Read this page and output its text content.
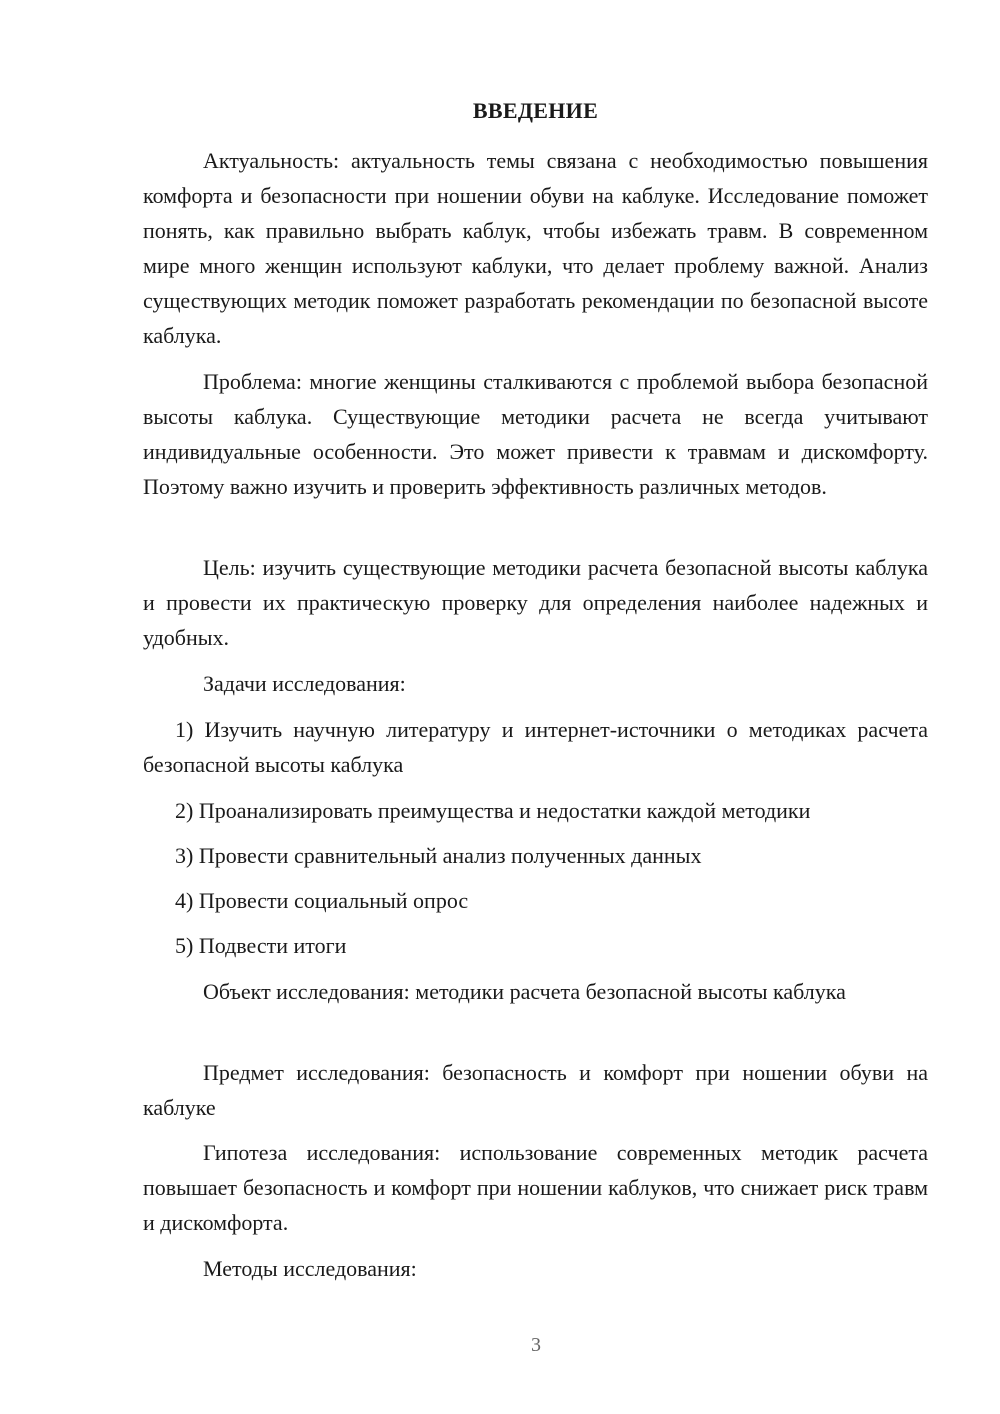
ВВЕДЕНИЕ

Актуальность: актуальность темы связана с необходимостью повышения комфорта и безопасности при ношении обуви на каблуке. Исследование поможет понять, как правильно выбрать каблук, чтобы избежать травм. В современном мире много женщин используют каблуки, что делает проблему важной. Анализ существующих методик поможет разработать рекомендации по безопасной высоте каблука.

Проблема: многие женщины сталкиваются с проблемой выбора безопасной высоты каблука. Существующие методики расчета не всегда учитывают индивидуальные особенности. Это может привести к травмам и дискомфорту. Поэтому важно изучить и проверить эффективность различных методов.

Цель: изучить существующие методики расчета безопасной высоты каблука и провести их практическую проверку для определения наиболее надежных и удобных.

Задачи исследования:

1) Изучить научную литературу и интернет-источники о методиках расчета безопасной высоты каблука

2) Проанализировать преимущества и недостатки каждой методики

3) Провести сравнительный анализ полученных данных

4) Провести социальный опрос

5) Подвести итоги

Объект исследования: методики расчета безопасной высоты каблука

Предмет исследования: безопасность и комфорт при ношении обуви на каблуке

Гипотеза исследования: использование современных методик расчета повышает безопасность и комфорт при ношении каблуков, что снижает риск травм и дискомфорта.

Методы исследования:

3
